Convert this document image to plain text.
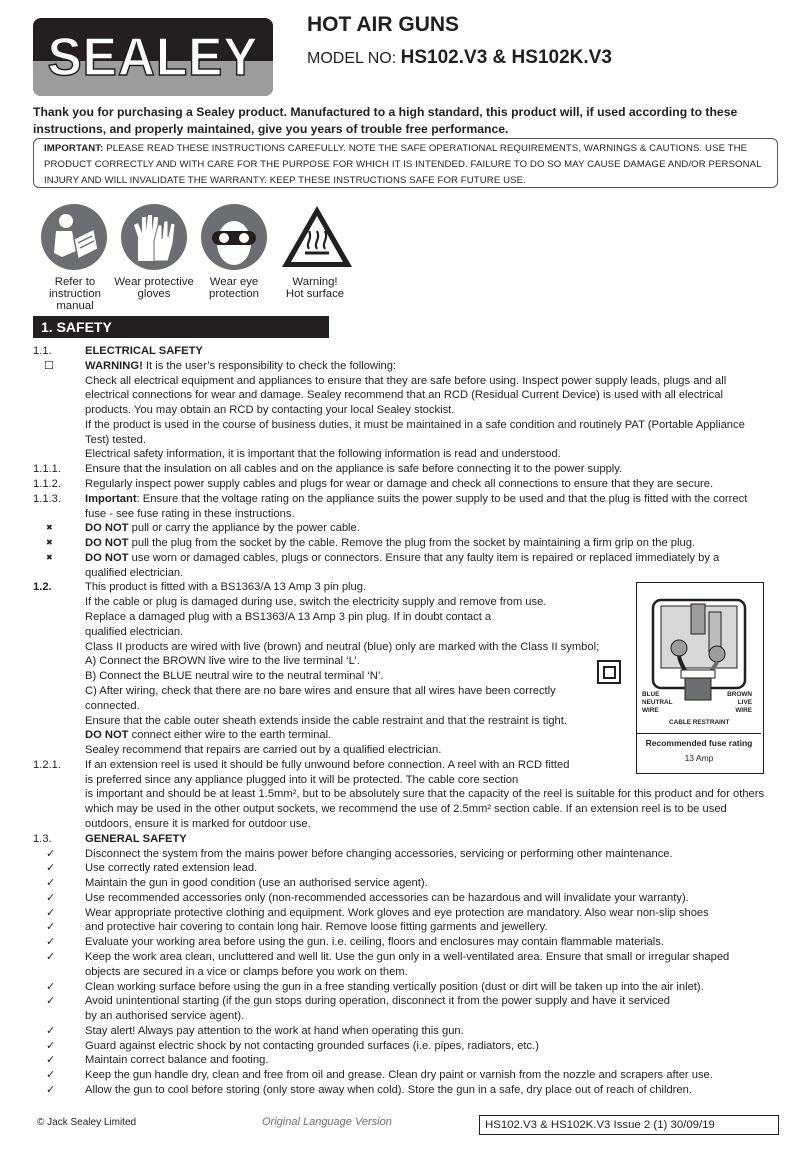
SEALEY
HOT AIR GUNS
MODEL NO: HS102.V3 & HS102K.V3
Thank you for purchasing a Sealey product. Manufactured to a high standard, this product will, if used according to these instructions, and properly maintained, give you years of trouble free performance.
IMPORTANT: PLEASE READ THESE INSTRUCTIONS CAREFULLY. NOTE THE SAFE OPERATIONAL REQUIREMENTS, WARNINGS & CAUTIONS. USE THE PRODUCT CORRECTLY AND WITH CARE FOR THE PURPOSE FOR WHICH IT IS INTENDED. FAILURE TO DO SO MAY CAUSE DAMAGE AND/OR PERSONAL INJURY AND WILL INVALIDATE THE WARRANTY. KEEP THESE INSTRUCTIONS SAFE FOR FUTURE USE.
Refer to
instruction
manual
Wear protective
gloves
Wear eye
protection
Warning!
Hot surface
1. SAFETY
1.1.	ELECTRICAL SAFETY
☐	WARNING! It is the user’s responsibility to check the following:
Check all electrical equipment and appliances to ensure that they are safe before using. Inspect power supply leads, plugs and all
electrical connections for wear and damage. Sealey recommend that an RCD (Residual Current Device) is used with all electrical
products. You may obtain an RCD by contacting your local Sealey stockist.
If the product is used in the course of business duties, it must be maintained in a safe condition and routinely PAT (Portable Appliance
Test) tested.
Electrical safety information, it is important that the following information is read and understood.
1.1.1. Ensure that the insulation on all cables and on the appliance is safe before connecting it to the power supply.
1.1.2. Regularly inspect power supply cables and plugs for wear or damage and check all connections to ensure that they are secure.
1.1.3. Important: Ensure that the voltage rating on the appliance suits the power supply to be used and that the plug is fitted with the correct
fuse - see fuse rating in these instructions.
✖	DO NOT pull or carry the appliance by the power cable.
✖	DO NOT pull the plug from the socket by the cable. Remove the plug from the socket by maintaining a firm grip on the plug.
✖	DO NOT use worn or damaged cables, plugs or connectors. Ensure that any faulty item is repaired or replaced immediately by a
qualified electrician.
1.2.	This product is fitted with a BS1363/A 13 Amp 3 pin plug.
If the cable or plug is damaged during use, switch the electricity supply and remove from use.
Replace a damaged plug with a BS1363/A 13 Amp 3 pin plug. If in doubt contact a
qualified electrician.
Class II products are wired with live (brown) and neutral (blue) only are marked with the Class II symbol;
A) Connect the BROWN live wire to the live terminal ‘L’.
B) Connect the BLUE neutral wire to the neutral terminal ‘N’.
C) After wiring, check that there are no bare wires and ensure that all wires have been correctly
connected.
Ensure that the cable outer sheath extends inside the cable restraint and that the restraint is tight.
DO NOT connect either wire to the earth terminal.
Sealey recommend that repairs are carried out by a qualified electrician.
1.2.1. If an extension reel is used it should be fully unwound before connection. A reel with an RCD fitted
is preferred since any appliance plugged into it will be protected. The cable core section
is important and should be at least 1.5mm², but to be absolutely sure that the capacity of the reel is suitable for this product and for others
which may be used in the other output sockets, we recommend the use of 2.5mm² section cable. If an extension reel is to be used
outdoors, ensure it is marked for outdoor use.
1.3.	GENERAL SAFETY
✓	Disconnect the system from the mains power before changing accessories, servicing or performing other maintenance.
✓	Use correctly rated extension lead.
✓	Maintain the gun in good condition (use an authorised service agent).
✓	Use recommended accessories only (non-recommended accessories can be hazardous and will invalidate your warranty).
✓	Wear appropriate protective clothing and equipment. Work gloves and eye protection are mandatory. Also wear non-slip shoes
✓	and protective hair covering to contain long hair. Remove loose fitting garments and jewellery.
✓	Evaluate your working area before using the gun. i.e. ceiling, floors and enclosures may contain flammable materials.
✓	Keep the work area clean, uncluttered and well lit. Use the gun only in a well-ventilated area. Ensure that small or irregular shaped
objects are secured in a vice or clamps before you work on them.
✓	Clean working surface before using the gun in a free standing vertically position (dust or dirt will be taken up into the air inlet).
✓	Avoid unintentional starting (if the gun stops during operation, disconnect it from the power supply and have it serviced
by an authorised service agent).
✓	Stay alert! Always pay attention to the work at hand when operating this gun.
✓	Guard against electric shock by not contacting grounded surfaces (i.e. pipes, radiators, etc.)
✓	Maintain correct balance and footing.
✓	Keep the gun handle dry, clean and free from oil and grease. Clean dry paint or varnish from the nozzle and scrapers after use.
✓	Allow the gun to cool before storing (only store away when cold). Store the gun in a safe, dry place out of reach of children.
BLUE NEUTRAL WIRE
BROWN LIVE WIRE
CABLE RESTRAINT
Recommended fuse rating
13 Amp
© Jack Sealey Limited	Original Language Version	HS102.V3 & HS102K.V3 Issue 2 (1) 30/09/19
